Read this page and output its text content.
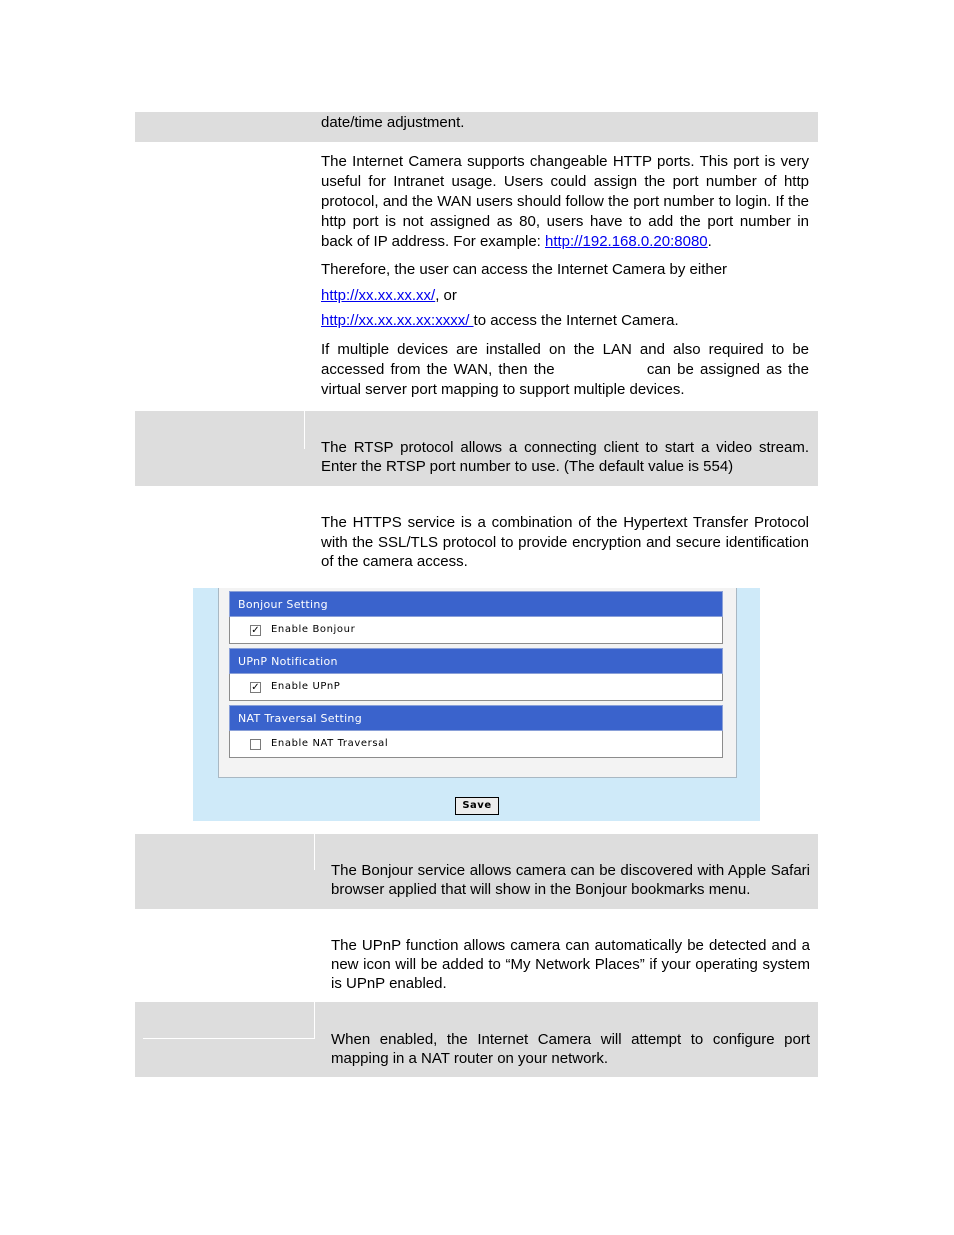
date/time adjustment.

The Internet Camera supports changeable HTTP ports. This port is very useful for Intranet usage. Users could assign the port number of http protocol, and the WAN users should follow the port number to login. If the http port is not assigned as 80, users have to add the port number in back of IP address. For example: http://192.168.0.20:8080.

Therefore, the user can access the Internet Camera by either

http://xx.xx.xx.xx/, or

http://xx.xx.xx.xx:xxxx/ to access the Internet Camera.

If multiple devices are installed on the LAN and also required to be accessed from the WAN, then the	can be assigned as the virtual server port mapping to support multiple devices.

The RTSP protocol allows a connecting client to start a video stream. Enter the RTSP port number to use. (The default value is 554)
The HTTPS service is a combination of the Hypertext Transfer Protocol with the SSL/TLS protocol to provide encryption and secure identification of the camera access.
Bonjour Setting
✓ Enable Bonjour
UPnP Notification
✓ Enable UPnP
NAT Traversal Setting
Enable NAT Traversal
Save
The Bonjour service allows camera can be discovered with Apple Safari browser applied that will show in the Bonjour bookmarks menu.
The UPnP function allows camera can automatically be detected and a new icon will be added to “My Network Places” if your operating system is UPnP enabled.
When enabled, the Internet Camera will attempt to configure port mapping in a NAT router on your network.
